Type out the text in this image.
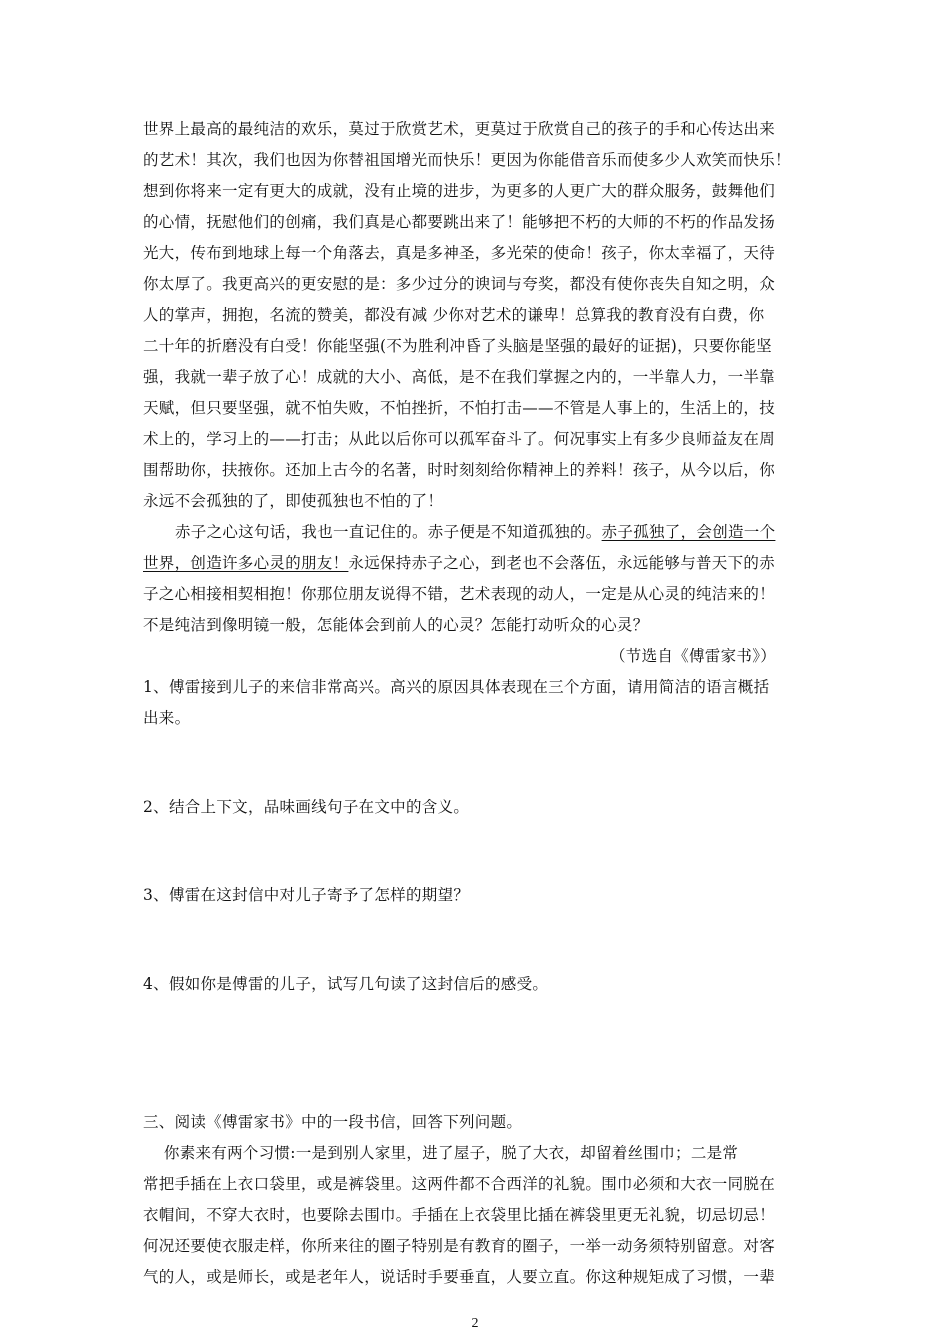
世界上最高的最纯洁的欢乐，莫过于欣赏艺术，更莫过于欣赏自己的孩子的手和心传达出来
的艺术！其次，我们也因为你替祖国增光而快乐！更因为你能借音乐而使多少人欢笑而快乐！
想到你将来一定有更大的成就，没有止境的进步，为更多的人更广大的群众服务，鼓舞他们
的心情，抚慰他们的创痛，我们真是心都要跳出来了！能够把不朽的大师的不朽的作品发扬
光大，传布到地球上每一个角落去，真是多神圣，多光荣的使命！孩子，你太幸福了，天待
你太厚了。我更高兴的更安慰的是：多少过分的谀词与夸奖，都没有使你丧失自知之明，众
人的掌声，拥抱，名流的赞美，都没有减 少你对艺术的谦卑！总算我的教育没有白费，你
二十年的折磨没有白受！你能坚强(不为胜利冲昏了头脑是坚强的最好的证据)，只要你能坚
强，我就一辈子放了心！成就的大小、高低，是不在我们掌握之内的，一半靠人力，一半靠
天赋，但只要坚强，就不怕失败，不怕挫折，不怕打击——不管是人事上的，生活上的，技
术上的，学习上的——打击；从此以后你可以孤军奋斗了。何况事实上有多少良师益友在周
围帮助你，扶掖你。还加上古今的名著，时时刻刻给你精神上的养料！孩子，从今以后，你
永远不会孤独的了，即使孤独也不怕的了！
赤子之心这句话，我也一直记住的。赤子便是不知道孤独的。赤子孤独了，会创造一个
世界，创造许多心灵的朋友！永远保持赤子之心，到老也不会落伍，永远能够与普天下的赤
子之心相接相契相抱！你那位朋友说得不错，艺术表现的动人，一定是从心灵的纯洁来的！
不是纯洁到像明镜一般，怎能体会到前人的心灵？怎能打动听众的心灵？
（节选自《傅雷家书》）
1、傅雷接到儿子的来信非常高兴。高兴的原因具体表现在三个方面，请用简洁的语言概括
出来。
2、结合上下文，品味画线句子在文中的含义。
3、傅雷在这封信中对儿子寄予了怎样的期望？
4、假如你是傅雷的儿子，试写几句读了这封信后的感受。
三、阅读《傅雷家书》中的一段书信，回答下列问题。
你素来有两个习惯:一是到别人家里，进了屋子，脱了大衣，却留着丝围巾；二是常
常把手插在上衣口袋里，或是裤袋里。这两件都不合西洋的礼貌。围巾必须和大衣一同脱在
衣帽间，不穿大衣时，也要除去围巾。手插在上衣袋里比插在裤袋里更无礼貌，切忌切忌！
何况还要使衣服走样，你所来往的圈子特别是有教育的圈子，一举一动务须特别留意。对客
气的人，或是师长，或是老年人，说话时手要垂直，人要立直。你这种规矩成了习惯，一辈
2
